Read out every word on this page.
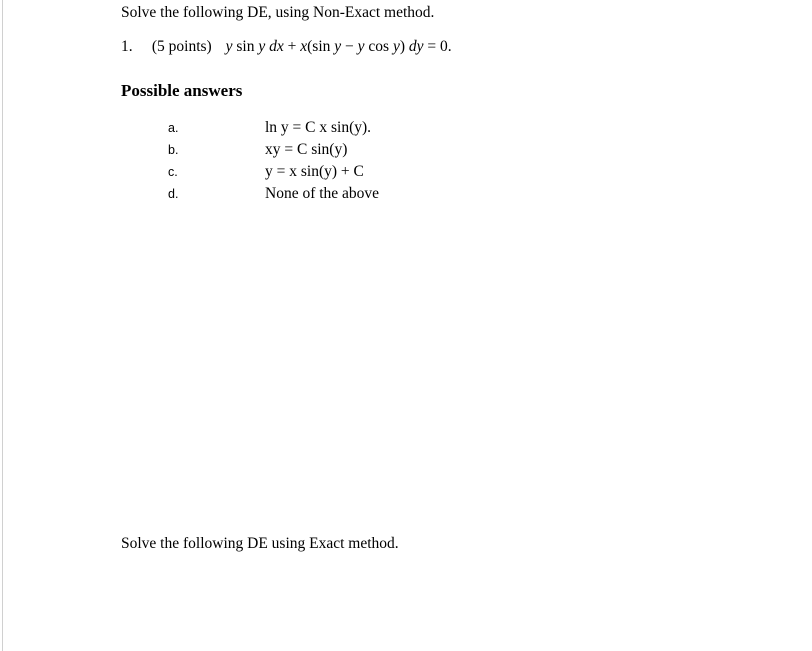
Solve the following DE, using Non-Exact method.
1. (5 points) y sin y dx + x(sin y − y cos y) dy = 0.
Possible answers
a.	ln y = C x sin(y).
b.	xy = C sin(y)
c.	y = x sin(y) + C
d.	None of the above
Solve the following DE using Exact method.
